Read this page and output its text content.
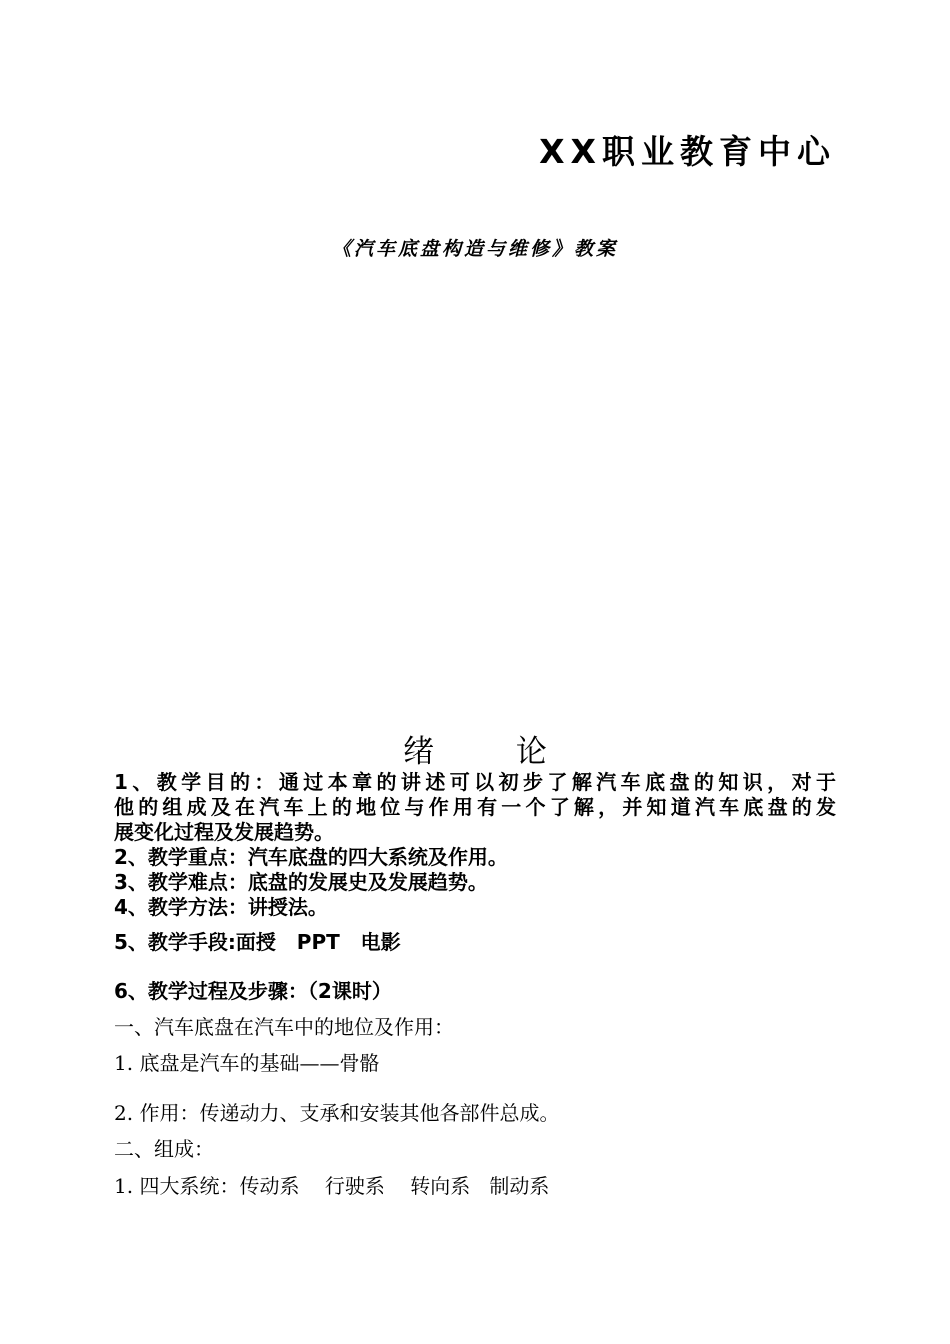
XX职业教育中心
《汽车底盘构造与维修》教案
绪 论
1、教学目的：通过本章的讲述可以初步了解汽车底盘的知识，对于
他的组成及在汽车上的地位与作用有一个了解，并知道汽车底盘的发
展变化过程及发展趋势。
2、教学重点：汽车底盘的四大系统及作用。
3、教学难点：底盘的发展史及发展趋势。
4、教学方法：讲授法。
5、教学手段:面授   PPT   电影
6、教学过程及步骤：（2课时）
一、汽车底盘在汽车中的地位及作用：
1. 底盘是汽车的基础——骨骼
2. 作用：传递动力、支承和安装其他各部件总成。
二、组成：
1. 四大系统：传动系    行驶系    转向系   制动系
